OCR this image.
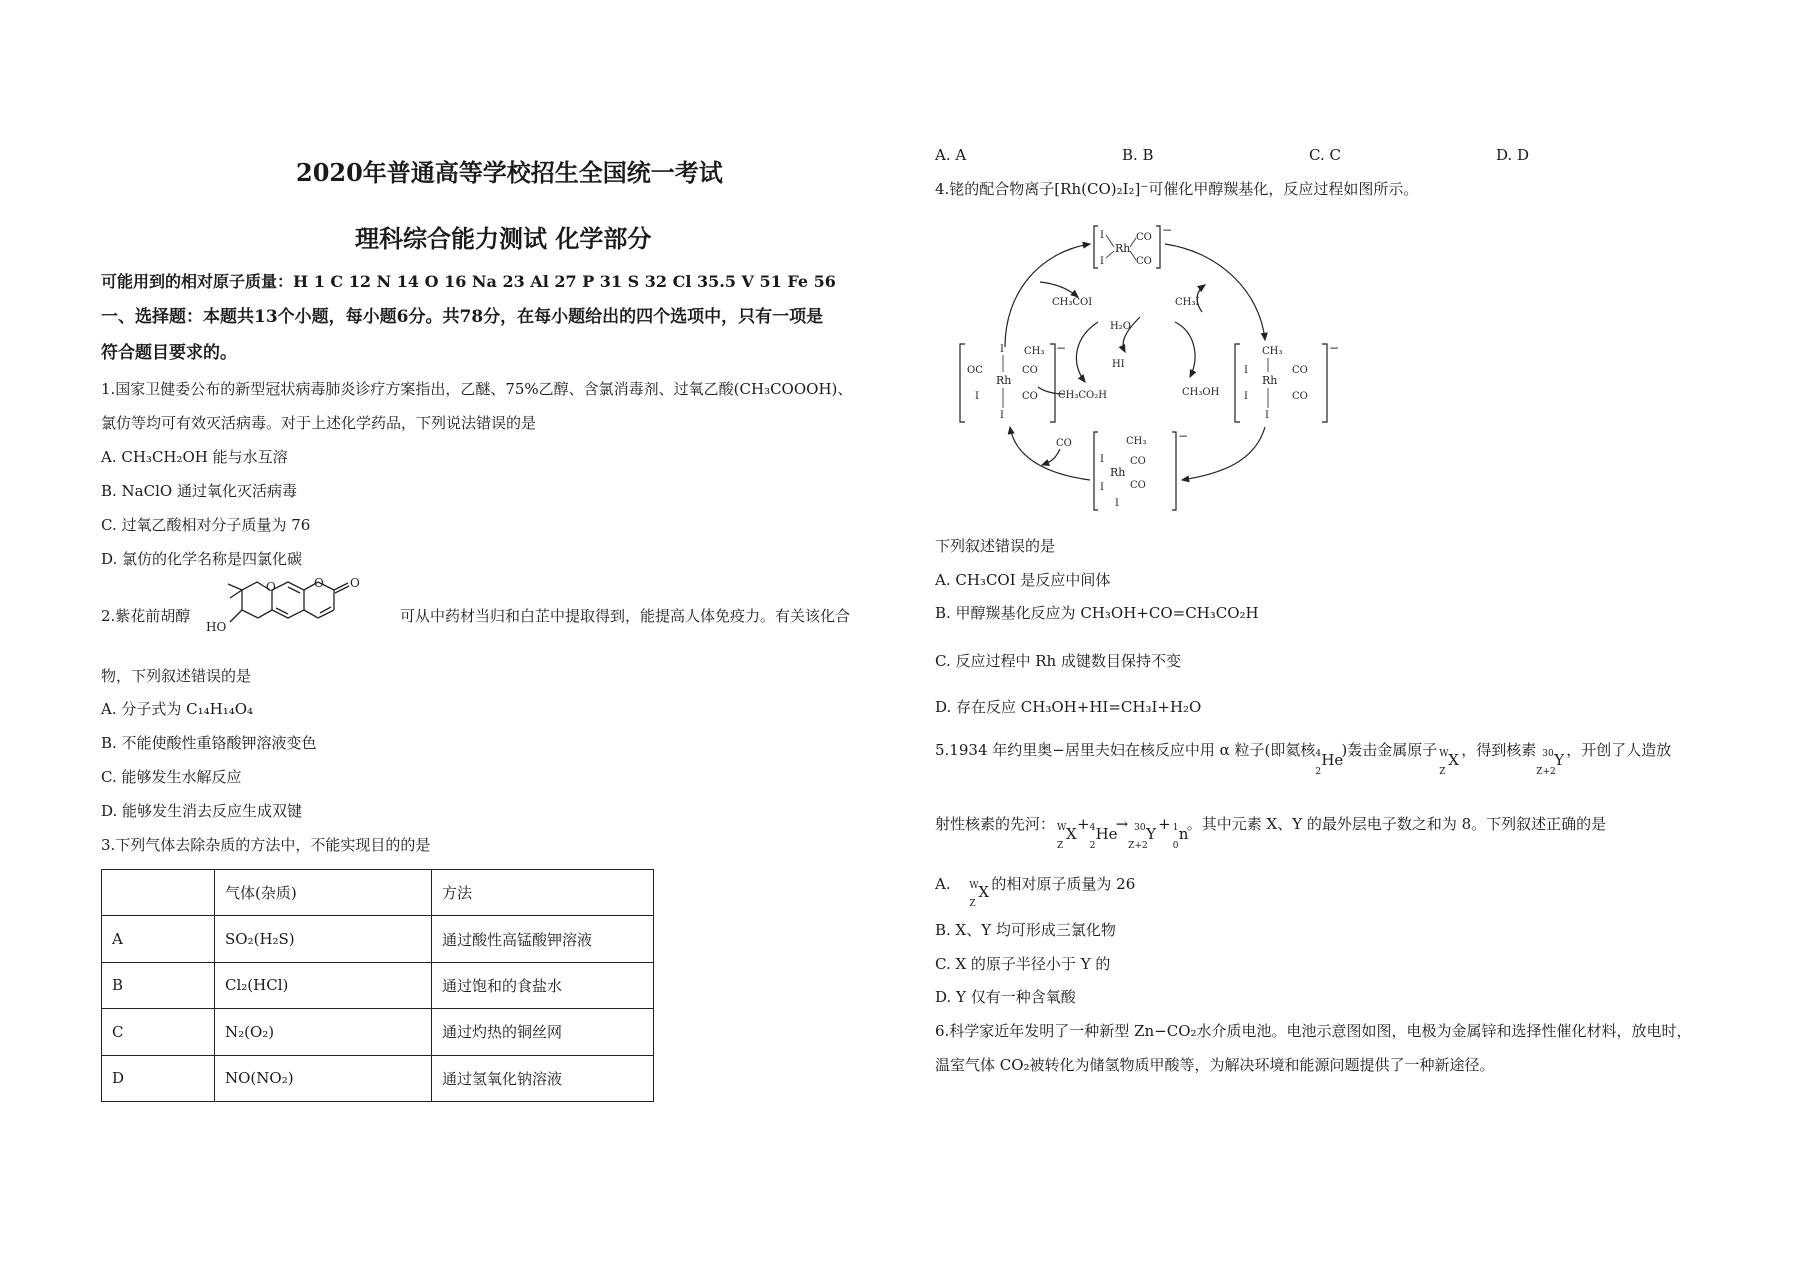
2020年普通高等学校招生全国统一考试
理科综合能力测试 化学部分
可能用到的相对原子质量：H 1 C 12 N 14 O 16 Na 23 Al 27 P 31 S 32 Cl 35.5 V 51 Fe 56
一、选择题：本题共13个小题，每小题6分。共78分，在每小题给出的四个选项中，只有一项是
符合题目要求的。
1.国家卫健委公布的新型冠状病毒肺炎诊疗方案指出，乙醚、75%乙醇、含氯消毒剂、过氧乙酸(CH₃COOOH)、
氯仿等均可有效灭活病毒。对于上述化学药品，下列说法错误的是
A. CH₃CH₂OH 能与水互溶
B. NaClO 通过氧化灭活病毒
C. 过氧乙酸相对分子质量为 76
D. 氯仿的化学名称是四氯化碳
2.紫花前胡醇
O	O O
HO
可从中药材当归和白芷中提取得到，能提高人体免疫力。有关该化合
物，下列叙述错误的是
A. 分子式为 C₁₄H₁₄O₄
B. 不能使酸性重铬酸钾溶液变色
C. 能够发生水解反应
D. 能够发生消去反应生成双键
3.下列气体去除杂质的方法中，不能实现目的的是
	气体(杂质)	方法
A	SO₂(H₂S)	通过酸性高锰酸钾溶液
B	Cl₂(HCl)	通过饱和的食盐水
C	N₂(O₂)	通过灼热的铜丝网
D	NO(NO₂)	通过氢氧化钠溶液
A. A	B. B	C. C	D. D
4.铑的配合物离子[Rh(CO)₂I₂]⁻可催化甲醇羰基化，反应过程如图所示。
I
I
Rh
CO
CO
−
I CH₃
OC	CO
Rh
I	CO
I
−	CH₃
I	CO
Rh
I	CO
I
−
CH₃
I	CO
Rh
CO
I
I
−
CH₃COI
H₂O
HI
CH₃I
CH₃CO₂H	CH₃OH
CO
下列叙述错误的是
A. CH₃COI 是反应中间体
B. 甲醇羰基化反应为 CH₃OH+CO=CH₃CO₂H
C. 反应过程中 Rh 成键数目保持不变
D. 存在反应 CH₃OH+HI=CH₃I+H₂O
5.1934 年约里奥−居里夫妇在核反应中用 α 粒子(即氦核 4
2
He
)轰击金属原子 W
Z
X
，得到核素 30
Z+2
Y
，开创了人造放
射性核素的先河： W
Z
X
+ 4
2
He
→ 30
Z+2
Y
+ 1
0
n
。其中元素 X、Y 的最外层电子数之和为 8。下列叙述正确的是
A. W
Z
X 的相对原子质量为 26
B. X、Y 均可形成三氯化物
C. X 的原子半径小于 Y 的
D. Y 仅有一种含氧酸
6.科学家近年发明了一种新型 Zn−CO₂水介质电池。电池示意图如图，电极为金属锌和选择性催化材料，放电时，
温室气体 CO₂被转化为储氢物质甲酸等，为解决环境和能源问题提供了一种新途径。
